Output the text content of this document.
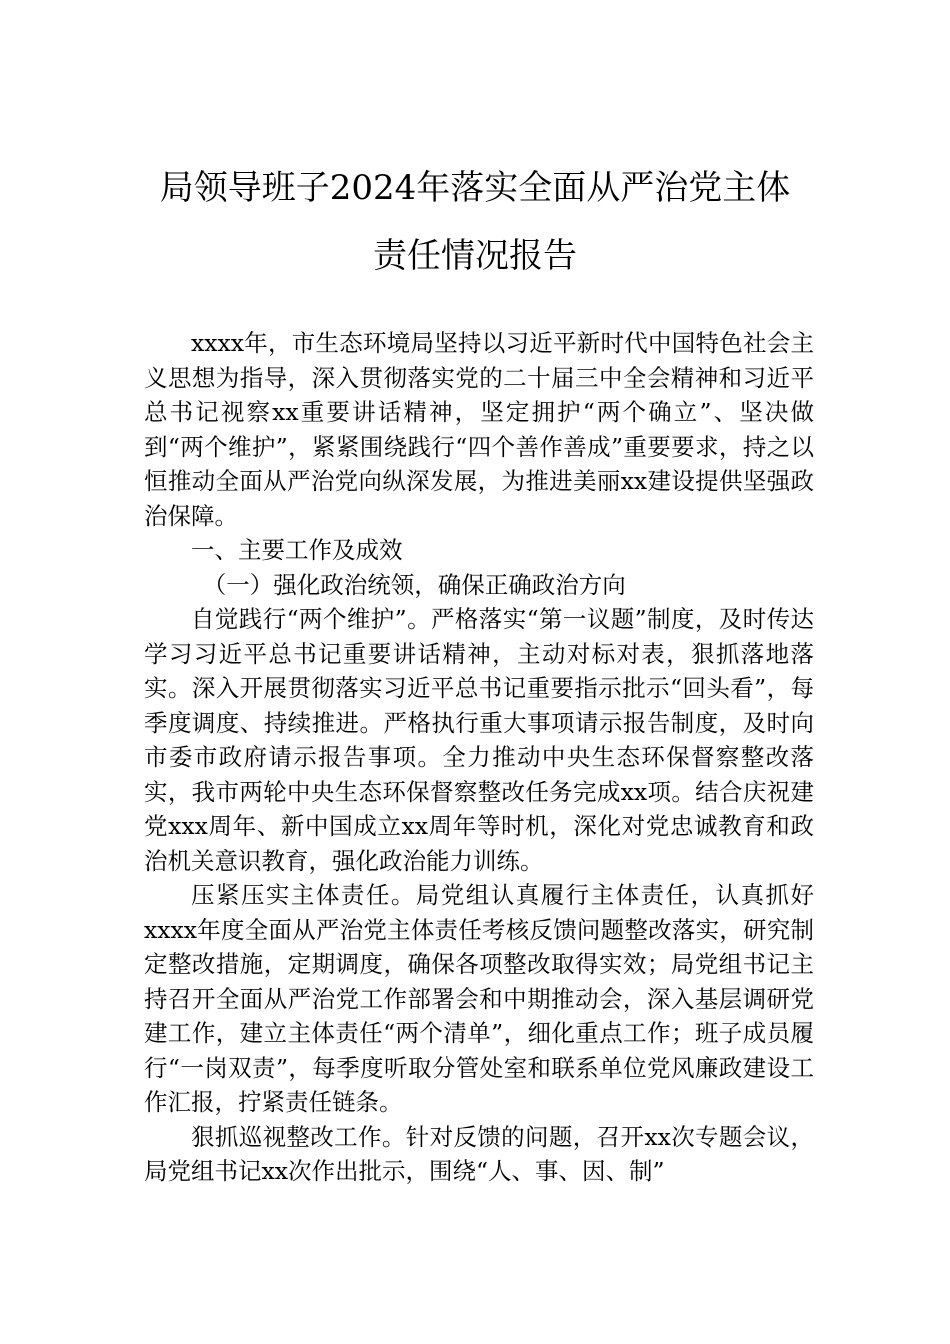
局领导班子2024年落实全面从严治党主体
责任情况报告

xxxx年，市生态环境局坚持以习近平新时代中国特色社会主义思想为指导，深入贯彻落实党的二十届三中全会精神和习近平总书记视察xx重要讲话精神，坚定拥护“两个确立”、坚决做到“两个维护”，紧紧围绕践行“四个善作善成”重要要求，持之以恒推动全面从严治党向纵深发展，为推进美丽xx建设提供坚强政治保障。

一、主要工作及成效
（一）强化政治统领，确保正确政治方向

自觉践行“两个维护”。严格落实“第一议题”制度，及时传达学习习近平总书记重要讲话精神，主动对标对表，狠抓落地落实。深入开展贯彻落实习近平总书记重要指示批示“回头看”，每季度调度、持续推进。严格执行重大事项请示报告制度，及时向市委市政府请示报告事项。全力推动中央生态环保督察整改落实，我市两轮中央生态环保督察整改任务完成xx项。结合庆祝建党xxx周年、新中国成立xx周年等时机，深化对党忠诚教育和政治机关意识教育，强化政治能力训练。

压紧压实主体责任。局党组认真履行主体责任，认真抓好xxxx年度全面从严治党主体责任考核反馈问题整改落实，研究制定整改措施，定期调度，确保各项整改取得实效；局党组书记主持召开全面从严治党工作部署会和中期推动会，深入基层调研党建工作，建立主体责任“两个清单”，细化重点工作；班子成员履行“一岗双责”，每季度听取分管处室和联系单位党风廉政建设工作汇报，拧紧责任链条。

狠抓巡视整改工作。针对反馈的问题，召开xx次专题会议，局党组书记xx次作出批示，围绕“人、事、因、制”
